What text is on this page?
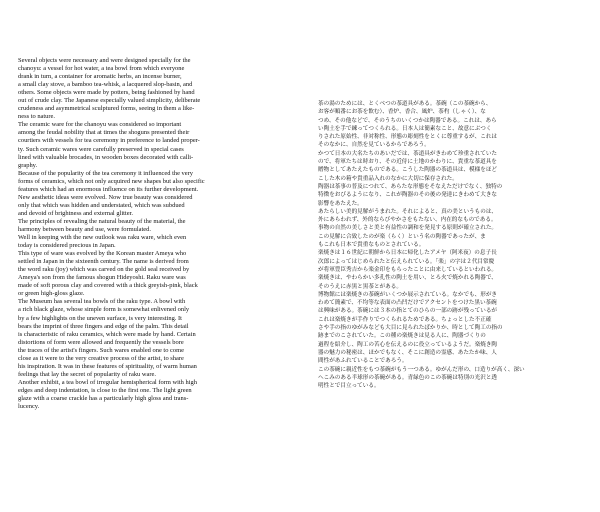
Several objects were necessary and were designed specially for the

chanoyu: a vessel for hot water, a tea bowl from which everyone

drank in turn, a container for aromatic herbs, an incense burner,

a small clay stove, a bamboo tea-whisk, a lacquered slop-basin, and

others. Some objects were made by potters, being fashioned by hand

out of crude clay. The Japanese especially valued simplicity, deliberate

crudeness and asymmetrical sculptured forms, seeing in them a like-

ness to nature.

The ceramic ware for the chanoyu was considered so important

among the feudal nobility that at times the shoguns presented their

courtiers with vessels for tea ceremony in preference to landed proper-

ty. Such ceramic wares were carefully preserved in special cases

lined with valuable brocades, in wooden boxes decorated with calli-

graphy.

Because of the popularity of the tea ceremony it influenced the very

forms of ceramics, which not only acquired new shapes but also specific

features which had an enormous influence on its further development.

New aesthetic ideas were evolved. Now true beauty was considered

only that which was hidden and understated, which was subdued

and devoid of brightness and external glitter.

The principles of revealing the natural beauty of the material, the

harmony between beauty and use, were formulated.

Well in keeping with the new outlook was raku ware, which even

today is considered precious in Japan.

This type of ware was evolved by the Korean master Ameya who

settled in Japan in the sixteenth century. The name is derived from

the word raku (joy) which was carved on the gold seal received by

Ameya's son from the famous shogun Hideyoshi. Raku ware was

made of soft porous clay and covered with a thick greyish-pink, black

or green high-gloss glaze.

The Museum has several tea bowls of the raku type. A bowl with

a rich black glaze, whose simple form is somewhat enlivened only

by a few highlights on the uneven surface, is very interesting. It

bears the imprint of three fingers and edge of the palm. This detail

is characteristic of raku ceramics, which were made by hand. Certain

distortions of form were allowed and frequently the vessels bore

the traces of the artist's fingers. Such wares enabled one to come

close as it were to the very creative process of the artist, to share

his inspiration. It was in these features of spirituality, of warm human

feelings that lay the secret of popularity of raku ware.

Another exhibit, a tea bowl of irregular hemispherical form with high

edges and deep indentation, is close to the first one. The light green

glaze with a coarse crackle has a particularly high gloss and trans-

lucency.

茶の湯のためには、とくべつの茶道具がある。茶碗（この茶碗から、

お客が順番にお茶を飲む）、香炉、香合、風炉、茶杓（しゃく）、な

つめ、その他などで、そのうちのいくつかは陶器である。これは、あら

い陶土を手で練ってつくられる。日本人は簡素なこと、故意にぶつく

りされた原始性、非対称性、形態の彫刻性をとくに尊重するが、これは

そのなかに、自然を見ているからであろう。

かつて日本の大名たちのあいだでは、茶道具がきわめて珍重されていた

ので、将軍たちは時おり、その近侍に土地のかわりに、貴重な茶道具を

贈物としてあたえたものである。こうした陶器の茶道具は、模様をほど

こした木の箱や貴重品入れのなかに大切に保存された。

陶器は茶事の普及につれて、あらたな形態をそなえただけでなく、独特の

特徴をおびるようになり、これが陶器のその後の発達にきわめて大きな

影響をあたえた。

あたらしい美的見解がうまれた。それによると、真の美というものは、

外にあらわれず、外的ならびやかさをもたない、内在的なものである。

事物の自然の美しさと美と有益性の調和を発見する原則が確立された。

この見解に合致したのが楽（らく）という名の陶器であったが、ま

もこれも日本で貴重なものとされている。

楽焼きは１６世紀に朝鮮から日本に帰化したアメヤ（阿米夜）の息子長

次郎によってはじめられたと伝えられている。「楽」の字は２代目常慶

が将軍豊臣秀吉から楽金印をもらったことに由来しているといわれる。

楽焼きは、やわらかい多孔性の陶土を用い、とろ火で焼かれる陶器で、

そのうえに赤黒と黒茶とがある。

博物館には楽焼きの茶碗がいくつか展示されている。なかでも、形がき

わめて簡素で、不均等な表面の凸凹だけでアクセントをつけた黒い茶碗

は興味がある。茶碗には３本の指とてのひらの一部の跡が残っているが

これは楽焼きが手作りでつくられるためである。ちょっとした不正確

さや手の指のゆがみなども大目に見られたばかりか、時として陶工の指の

跡までのこされていた。この種の楽焼きは見る人に、陶器づくりの

過程を紹介し、陶工の苦心を伝えるのに役立っているようだ。楽焼き陶

器の魅力の秘密は、ほかでもなく、そこに創造の霊感、あたたか味、人

間性があふれていることであろう。

この茶碗に親近性をもつ茶碗がもう一つある。ゆがんだ形の、口造りが高く、深い

へこみのある半球形の茶碗がある。青緑色のこの茶碗は特別の光沢と透

明性とで目立っている。
